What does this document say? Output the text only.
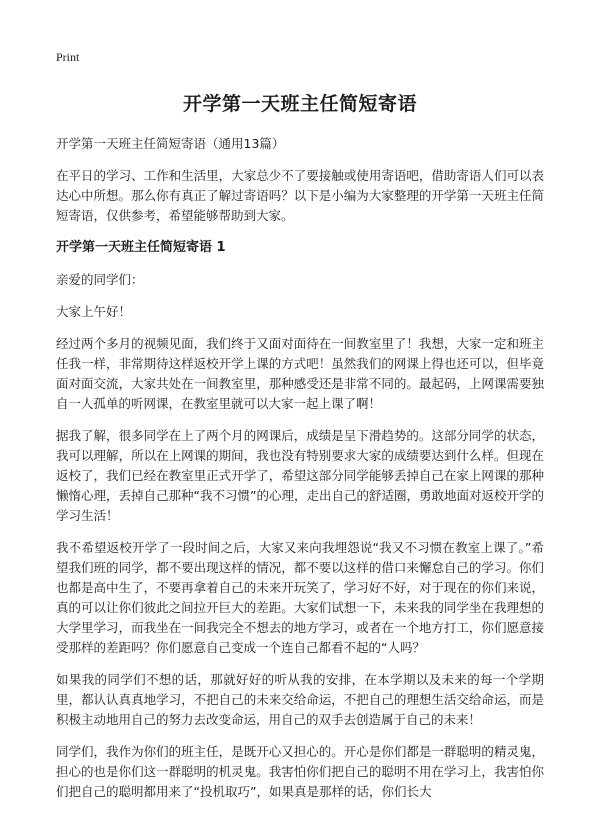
Print
开学第一天班主任简短寄语
开学第一天班主任简短寄语（通用13篇）

在平日的学习、工作和生活里，大家总少不了要接触或使用寄语吧，借助寄语人们可以表达心中所想。那么你有真正了解过寄语吗？以下是小编为大家整理的开学第一天班主任简短寄语，仅供参考，希望能够帮助到大家。

开学第一天班主任简短寄语 1

亲爱的同学们：

大家上午好！

经过两个多月的视频见面，我们终于又面对面待在一间教室里了！我想，大家一定和班主任我一样，非常期待这样返校开学上课的方式吧！虽然我们的网课上得也还可以，但毕竟面对面交流，大家共处在一间教室里，那种感受还是非常不同的。最起码，上网课需要独自一人孤单的听网课，在教室里就可以大家一起上课了啊！

据我了解，很多同学在上了两个月的网课后，成绩是呈下滑趋势的。这部分同学的状态，我可以理解，所以在上网课的期间，我也没有特别要求大家的成绩要达到什么样。但现在返校了，我们已经在教室里正式开学了，希望这部分同学能够丢掉自己在家上网课的那种懒惰心理，丢掉自己那种“我不习惯”的心理，走出自己的舒适圈，勇敢地面对返校开学的学习生活！

我不希望返校开学了一段时间之后，大家又来向我埋怨说“我又不习惯在教室上课了。”希望我们班的同学，都不要出现这样的情况，都不要以这样的借口来懈怠自己的学习。你们也都是高中生了，不要再拿着自己的未来开玩笑了，学习好不好，对于现在的你们来说，真的可以让你们彼此之间拉开巨大的差距。大家们试想一下，未来我的同学坐在我理想的大学里学习，而我坐在一间我完全不想去的地方学习，或者在一个地方打工，你们愿意接受那样的差距吗？你们愿意自己变成一个连自己都看不起的“人吗？

如果我的同学们不想的话，那就好好的听从我的安排，在本学期以及未来的每一个学期里，都认认真真地学习，不把自己的未来交给命运，不把自己的理想生活交给命运，而是积极主动地用自己的努力去改变命运，用自己的双手去创造属于自己的未来！

同学们，我作为你们的班主任，是既开心又担心的。开心是你们都是一群聪明的精灵鬼，担心的也是你们这一群聪明的机灵鬼。我害怕你们把自己的聪明不用在学习上，我害怕你们把自己的聪明都用来了“投机取巧”，如果真是那样的话，你们长大
